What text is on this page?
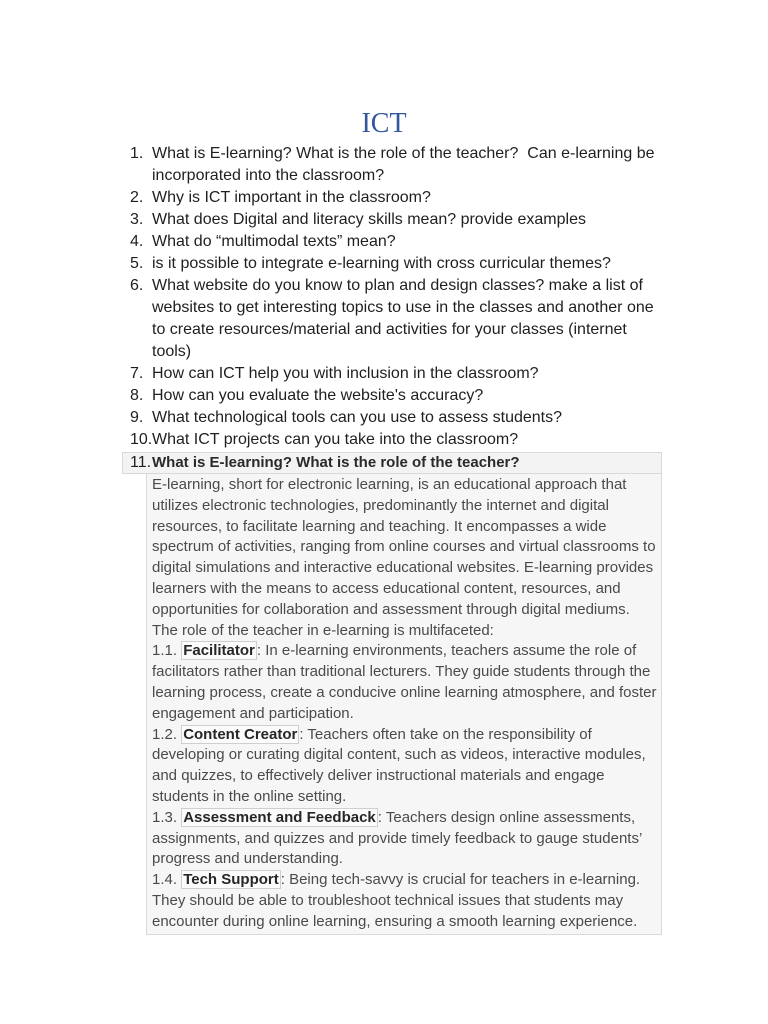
ICT
1. What is E-learning? What is the role of the teacher?  Can e-learning be
incorporated into the classroom?
2. Why is ICT important in the classroom?
3. What does Digital and literacy skills mean? provide examples
4. What do “multimodal texts” mean?
5. is it possible to integrate e-learning with cross curricular themes?
6. What website do you know to plan and design classes? make a list of
websites to get interesting topics to use in the classes and another one
to create resources/material and activities for your classes (internet
tools)
7. How can ICT help you with inclusion in the classroom?
8. How can you evaluate the website's accuracy?
9. What technological tools can you use to assess students?
10. What ICT projects can you take into the classroom?
11. What is E-learning? What is the role of the teacher?
E-learning, short for electronic learning, is an educational approach that
utilizes electronic technologies, predominantly the internet and digital
resources, to facilitate learning and teaching. It encompasses a wide
spectrum of activities, ranging from online courses and virtual classrooms to
digital simulations and interactive educational websites. E-learning provides
learners with the means to access educational content, resources, and
opportunities for collaboration and assessment through digital mediums.
The role of the teacher in e-learning is multifaceted:
1.1. Facilitator : In e-learning environments, teachers assume the role of
facilitators rather than traditional lecturers. They guide students through the
learning process, create a conducive online learning atmosphere, and foster
engagement and participation.
1.2. Content Creator : Teachers often take on the responsibility of
developing or curating digital content, such as videos, interactive modules,
and quizzes, to effectively deliver instructional materials and engage
students in the online setting.
1.3. Assessment and Feedback : Teachers design online assessments,
assignments, and quizzes and provide timely feedback to gauge students’
progress and understanding.
1.4. Tech Support : Being tech-savvy is crucial for teachers in e-learning.
They should be able to troubleshoot technical issues that students may
encounter during online learning, ensuring a smooth learning experience.
